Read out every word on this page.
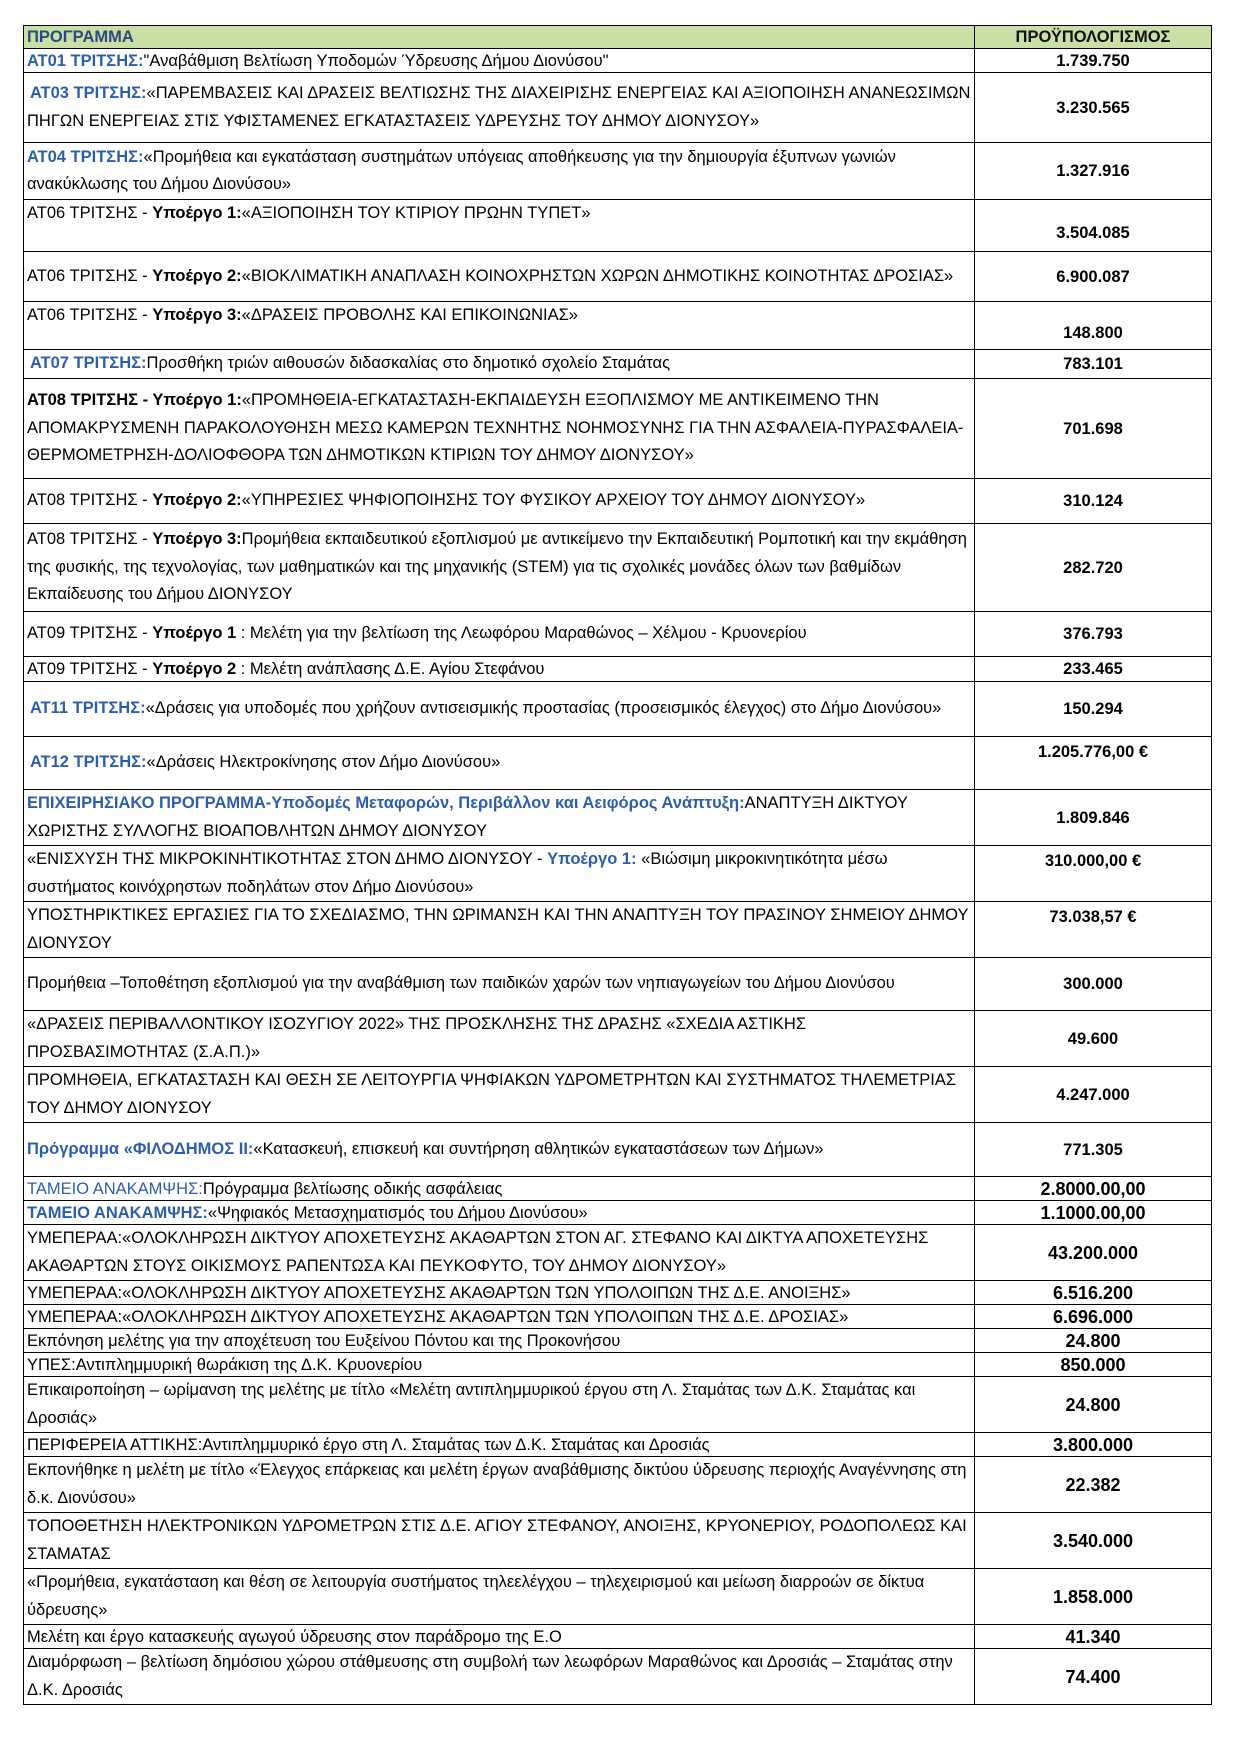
ΠΡΟΓΡΑΜΜΑ	ΠΡΟΫΠΟΛΟΓΙΣΜΟΣ
ΑΤ01 ΤΡΙΤΣΗΣ:"Αναβάθμιση Βελτίωση Υποδομών Ύδρευσης Δήμου Διονύσου"	1.739.750
ΑΤ03 ΤΡΙΤΣΗΣ:«ΠΑΡΕΜΒΑΣΕΙΣ ΚΑΙ ΔΡΑΣΕΙΣ ΒΕΛΤΙΩΣΗΣ ΤΗΣ ΔΙΑΧΕΙΡΙΣΗΣ ΕΝΕΡΓΕΙΑΣ ΚΑΙ ΑΞΙΟΠΟΙΗΣΗ ΑΝΑΝΕΩΣΙΜΩΝ ΠΗΓΩΝ ΕΝΕΡΓΕΙΑΣ ΣΤΙΣ ΥΦΙΣΤΑΜΕΝΕΣ ΕΓΚΑΤΑΣΤΑΣΕΙΣ ΥΔΡΕΥΣΗΣ ΤΟΥ ΔΗΜΟΥ ΔΙΟΝΥΣΟΥ»	3.230.565
ΑΤ04 ΤΡΙΤΣΗΣ:«Προμήθεια και εγκατάσταση συστημάτων υπόγειας αποθήκευσης για την δημιουργία έξυπνων γωνιών ανακύκλωσης του Δήμου Διονύσου»	1.327.916
ΑΤ06 ΤΡΙΤΣΗΣ - Υποέργο 1:«ΑΞΙΟΠΟΙΗΣΗ ΤΟΥ ΚΤΙΡΙΟΥ ΠΡΩΗΝ ΤΥΠΕΤ»	3.504.085
ΑΤ06 ΤΡΙΤΣΗΣ - Υποέργο 2:«ΒΙΟΚΛΙΜΑΤΙΚΗ ΑΝΑΠΛΑΣΗ ΚΟΙΝΟΧΡΗΣΤΩΝ ΧΩΡΩΝ ΔΗΜΟΤΙΚΗΣ ΚΟΙΝΟΤΗΤΑΣ ΔΡΟΣΙΑΣ»	6.900.087
ΑΤ06 ΤΡΙΤΣΗΣ - Υποέργο 3:«ΔΡΑΣΕΙΣ ΠΡΟΒΟΛΗΣ ΚΑΙ ΕΠΙΚΟΙΝΩΝΙΑΣ»	148.800
ΑΤ07 ΤΡΙΤΣΗΣ:Προσθήκη τριών αιθουσών διδασκαλίας στο δημοτικό σχολείο Σταμάτας	783.101
ΑΤ08 ΤΡΙΤΣΗΣ - Υποέργο 1:«ΠΡΟΜΗΘΕΙΑ-ΕΓΚΑΤΑΣΤΑΣΗ-ΕΚΠΑΙΔΕΥΣΗ ΕΞΟΠΛΙΣΜΟΥ ΜΕ ΑΝΤΙΚΕΙΜΕΝΟ ΤΗΝ ΑΠΟΜΑΚΡΥΣΜΕΝΗ ΠΑΡΑΚΟΛΟΥΘΗΣΗ ΜΕΣΩ ΚΑΜΕΡΩΝ ΤΕΧΝΗΤΗΣ ΝΟΗΜΟΣΥΝΗΣ ΓΙΑ ΤΗΝ ΑΣΦΑΛΕΙΑ-ΠΥΡΑΣΦΑΛΕΙΑ-ΘΕΡΜΟΜΕΤΡΗΣΗ-ΔΟΛΙΟΦΘΟΡΑ ΤΩΝ ΔΗΜΟΤΙΚΩΝ ΚΤΙΡΙΩΝ ΤΟΥ ΔΗΜΟΥ ΔΙΟΝΥΣΟΥ»	701.698
ΑΤ08 ΤΡΙΤΣΗΣ - Υποέργο 2:«ΥΠΗΡΕΣΙΕΣ ΨΗΦΙΟΠΟΙΗΣΗΣ ΤΟΥ ΦΥΣΙΚΟΥ ΑΡΧΕΙΟΥ ΤΟΥ ΔΗΜΟΥ ΔΙΟΝΥΣΟΥ»	310.124
ΑΤ08 ΤΡΙΤΣΗΣ - Υποέργο 3:Προμήθεια εκπαιδευτικού εξοπλισμού με αντικείμενο την Εκπαιδευτική Ρομποτική και την εκμάθηση της φυσικής, της τεχνολογίας, των μαθηματικών και της μηχανικής (STEM) για τις σχολικές μονάδες όλων των βαθμίδων Εκπαίδευσης του Δήμου ΔΙΟΝΥΣΟΥ	282.720
ΑΤ09 ΤΡΙΤΣΗΣ - Υποέργο 1 : Μελέτη για την βελτίωση της Λεωφόρου Μαραθώνος – Χέλμου - Κρυονερίου	376.793
ΑΤ09 ΤΡΙΤΣΗΣ - Υποέργο 2 : Μελέτη ανάπλασης Δ.Ε. Αγίου Στεφάνου	233.465
ΑΤ11 ΤΡΙΤΣΗΣ:«Δράσεις για υποδομές που χρήζουν αντισεισμικής προστασίας (προσεισμικός έλεγχος) στο Δήμο Διονύσου»	150.294
ΑΤ12 ΤΡΙΤΣΗΣ:«Δράσεις Ηλεκτροκίνησης στον Δήμο Διονύσου»	1.205.776,00 €
ΕΠΙΧΕΙΡΗΣΙΑΚΟ ΠΡΟΓΡΑΜΜΑ-Υποδομές Μεταφορών, Περιβάλλον και Αειφόρος Ανάπτυξη:ΑΝΑΠΤΥΞΗ ΔΙΚΤΥΟΥ ΧΩΡΙΣΤΗΣ ΣΥΛΛΟΓΗΣ ΒΙΟΑΠΟΒΛΗΤΩΝ ΔΗΜΟΥ ΔΙΟΝΥΣΟΥ	1.809.846
«ΕΝΙΣΧΥΣΗ ΤΗΣ ΜΙΚΡΟΚΙΝΗΤΙΚΟΤΗΤΑΣ ΣΤΟΝ ΔΗΜΟ ΔΙΟΝΥΣΟΥ - Υποέργο 1: «Βιώσιμη μικροκινητικότητα μέσω συστήματος κοινόχρηστων ποδηλάτων στον Δήμο Διονύσου»	310.000,00 €
ΥΠΟΣΤΗΡΙΚΤΙΚΕΣ ΕΡΓΑΣΙΕΣ ΓΙΑ ΤΟ ΣΧΕΔΙΑΣΜΟ, ΤΗΝ ΩΡΙΜΑΝΣΗ ΚΑΙ ΤΗΝ ΑΝΑΠΤΥΞΗ ΤΟΥ ΠΡΑΣΙΝΟΥ ΣΗΜΕΙΟΥ ΔΗΜΟΥ ΔΙΟΝΥΣΟΥ	73.038,57 €
Προμήθεια –Τοποθέτηση εξοπλισμού για την αναβάθμιση των παιδικών χαρών των νηπιαγωγείων του Δήμου Διονύσου	300.000
«ΔΡΑΣΕΙΣ ΠΕΡΙΒΑΛΛΟΝΤΙΚΟΥ ΙΣΟΖΥΓΙΟΥ 2022» ΤΗΣ ΠΡΟΣΚΛΗΣΗΣ ΤΗΣ ΔΡΑΣΗΣ «ΣΧΕΔΙΑ ΑΣΤΙΚΗΣ ΠΡΟΣΒΑΣΙΜΟΤΗΤΑΣ (Σ.Α.Π.)»	49.600
ΠΡΟΜΗΘΕΙΑ, ΕΓΚΑΤΑΣΤΑΣΗ ΚΑΙ ΘΕΣΗ ΣΕ ΛΕΙΤΟΥΡΓΙΑ ΨΗΦΙΑΚΩΝ ΥΔΡΟΜΕΤΡΗΤΩΝ ΚΑΙ ΣΥΣΤΗΜΑΤΟΣ ΤΗΛΕΜΕΤΡΙΑΣ ΤΟΥ ΔΗΜΟΥ ΔΙΟΝΥΣΟΥ	4.247.000
Πρόγραμμα «ΦΙΛΟΔΗΜΟΣ ΙΙ:«Κατασκευή, επισκευή και συντήρηση αθλητικών εγκαταστάσεων των Δήμων»	771.305
ΤΑΜΕΙΟ ΑΝΑΚΑΜΨΗΣ:Πρόγραμμα βελτίωσης οδικής ασφάλειας	2.8000.00,00
ΤΑΜΕΙΟ ΑΝΑΚΑΜΨΗΣ:«Ψηφιακός Μετασχηματισμός του Δήμου Διονύσου»	1.1000.00,00
ΥΜΕΠΕΡΑΑ:«ΟΛΟΚΛΗΡΩΣΗ ΔΙΚΤΥΟΥ ΑΠΟΧΕΤΕΥΣΗΣ ΑΚΑΘΑΡΤΩΝ ΣΤΟΝ ΑΓ. ΣΤΕΦΑΝΟ ΚΑΙ ΔΙΚΤΥΑ ΑΠΟΧΕΤΕΥΣΗΣ ΑΚΑΘΑΡΤΩΝ ΣΤΟΥΣ ΟΙΚΙΣΜΟΥΣ ΡΑΠΕΝΤΩΣΑ ΚΑΙ ΠΕΥΚΟΦΥΤΟ, ΤΟΥ ΔΗΜΟΥ ΔΙΟΝΥΣΟΥ»	43.200.000
ΥΜΕΠΕΡΑΑ:«ΟΛΟΚΛΗΡΩΣΗ ΔΙΚΤΥΟΥ ΑΠΟΧΕΤΕΥΣΗΣ ΑΚΑΘΑΡΤΩΝ ΤΩΝ ΥΠΟΛΟΙΠΩΝ ΤΗΣ Δ.Ε. ΑΝΟΙΞΗΣ»	6.516.200
ΥΜΕΠΕΡΑΑ:«ΟΛΟΚΛΗΡΩΣΗ ΔΙΚΤΥΟΥ ΑΠΟΧΕΤΕΥΣΗΣ ΑΚΑΘΑΡΤΩΝ ΤΩΝ ΥΠΟΛΟΙΠΩΝ ΤΗΣ Δ.Ε. ΔΡΟΣΙΑΣ»	6.696.000
Εκπόνηση μελέτης για την αποχέτευση του Ευξείνου Πόντου και της Προκονήσου	24.800
ΥΠΕΣ:Αντιπλημμυρική θωράκιση της Δ.Κ. Κρυονερίου	850.000
Επικαιροποίηση – ωρίμανση της μελέτης με τίτλο «Μελέτη αντιπλημμυρικού έργου στη Λ. Σταμάτας των Δ.Κ. Σταμάτας και Δροσιάς»	24.800
ΠΕΡΙΦΕΡΕΙΑ ΑΤΤΙΚΗΣ:Αντιπλημμυρικό έργο στη Λ. Σταμάτας των Δ.Κ. Σταμάτας και Δροσιάς	3.800.000
Εκπονήθηκε η μελέτη με τίτλο «Έλεγχος επάρκειας και μελέτη έργων αναβάθμισης δικτύου ύδρευσης περιοχής Αναγέννησης στη δ.κ. Διονύσου»	22.382
ΤΟΠΟΘΕΤΗΣΗ ΗΛΕΚΤΡΟΝΙΚΩΝ ΥΔΡΟΜΕΤΡΩΝ ΣΤΙΣ Δ.Ε. ΑΓΙΟΥ ΣΤΕΦΑΝΟΥ, ΑΝΟΙΞΗΣ, ΚΡΥΟΝΕΡΙΟΥ, ΡΟΔΟΠΟΛΕΩΣ ΚΑΙ ΣΤΑΜΑΤΑΣ	3.540.000
«Προμήθεια, εγκατάσταση και θέση σε λειτουργία συστήματος τηλεελέγχου – τηλεχειρισμού και μείωση διαρροών σε δίκτυα ύδρευσης»	1.858.000
Μελέτη και έργο κατασκευής αγωγού ύδρευσης στον παράδρομο της Ε.Ο	41.340
Διαμόρφωση – βελτίωση δημόσιου χώρου στάθμευσης στη συμβολή των λεωφόρων Μαραθώνος και Δροσιάς – Σταμάτας στην Δ.Κ. Δροσιάς	74.400
